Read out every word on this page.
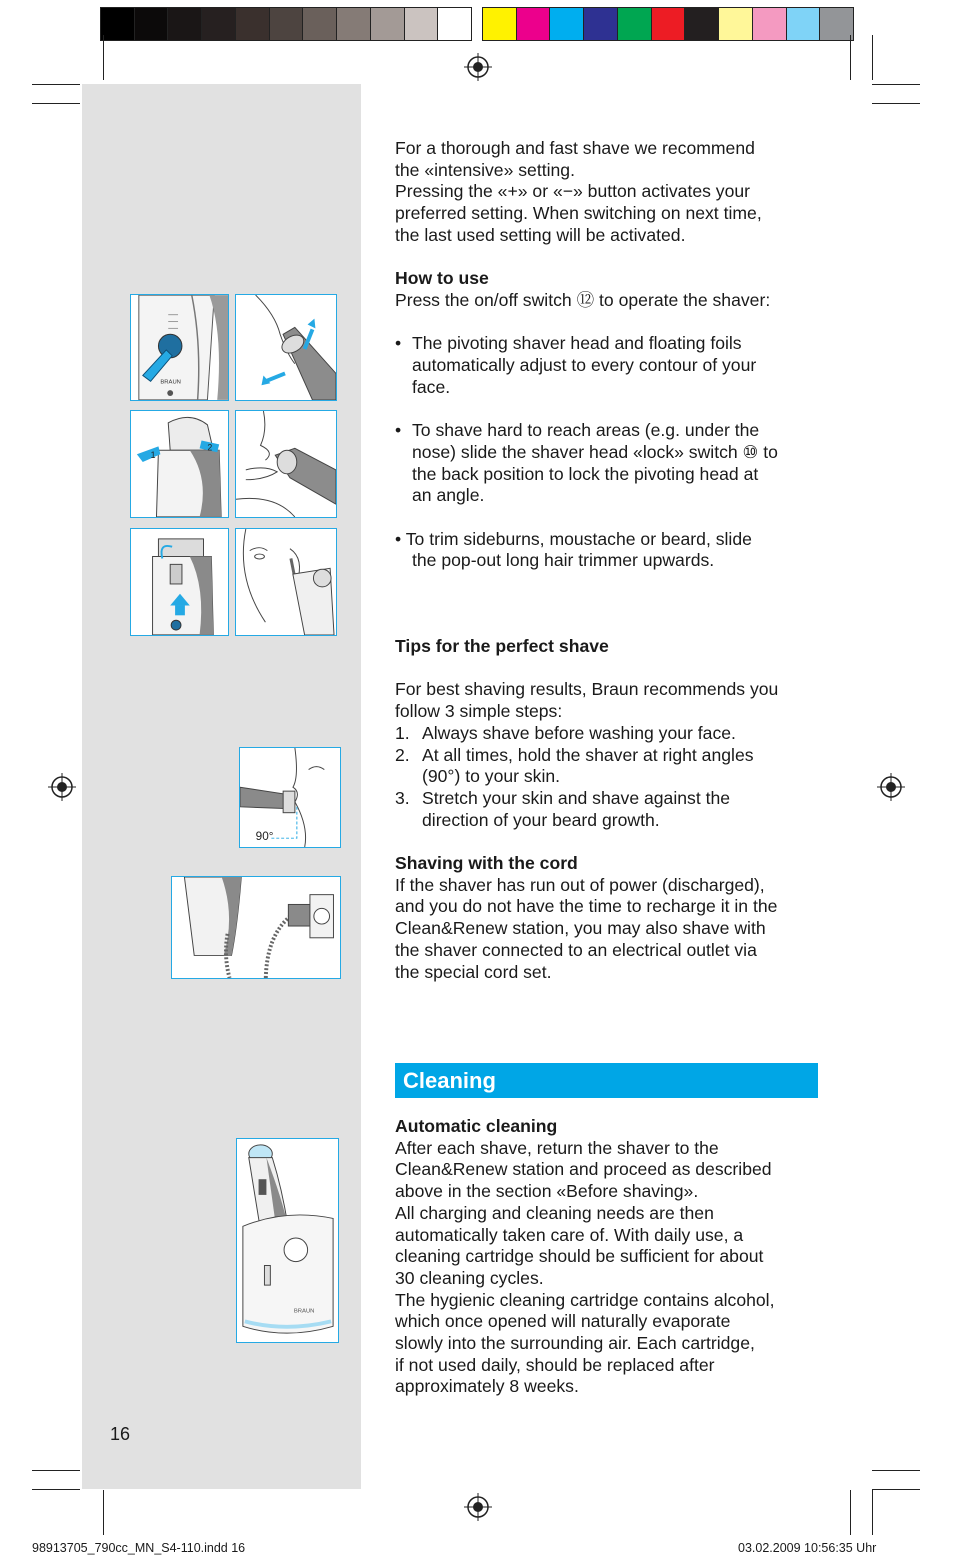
BRAUN
1
2
90°
BRAUN

For a thorough and fast shave we recommend

the «intensive» setting.

Pressing the «+» or «−» button activates your

preferred setting. When switching on next time,

the last used setting will be activated.

How to use

Press the on/off switch ⑫ to operate the shaver:

• The pivoting shaver head and floating foils

automatically adjust to every contour of your

face.

• To shave hard to reach areas (e.g. under the

nose) slide the shaver head «lock» switch ⑩ to

the back position to lock the pivoting head at

an angle.

• To trim sideburns, moustache or beard, slide

the pop-out long hair trimmer upwards.

Tips for the perfect shave

For best shaving results, Braun recommends you

follow 3 simple steps:

1. Always shave before washing your face.

2. At all times, hold the shaver at right angles

(90°) to your skin.

3. Stretch your skin and shave against the

direction of your beard growth.

Shaving with the cord

If the shaver has run out of power (discharged),

and you do not have the time to recharge it in the

Clean&Renew station, you may also shave with

the shaver connected to an electrical outlet via

the special cord set.

Cleaning

Automatic cleaning

After each shave, return the shaver to the

Clean&Renew station and proceed as described

above in the section «Before shaving».

All charging and cleaning needs are then

automatically taken care of. With daily use, a

cleaning cartridge should be sufficient for about

30 cleaning cycles.

The hygienic cleaning cartridge contains alcohol,

which once opened will naturally evaporate

slowly into the surrounding air. Each cartridge,

if not used daily, should be replaced after

approximately 8 weeks.

16
98913705_790cc_MN_S4-110.indd 16	03.02.2009 10:56:35 Uhr
